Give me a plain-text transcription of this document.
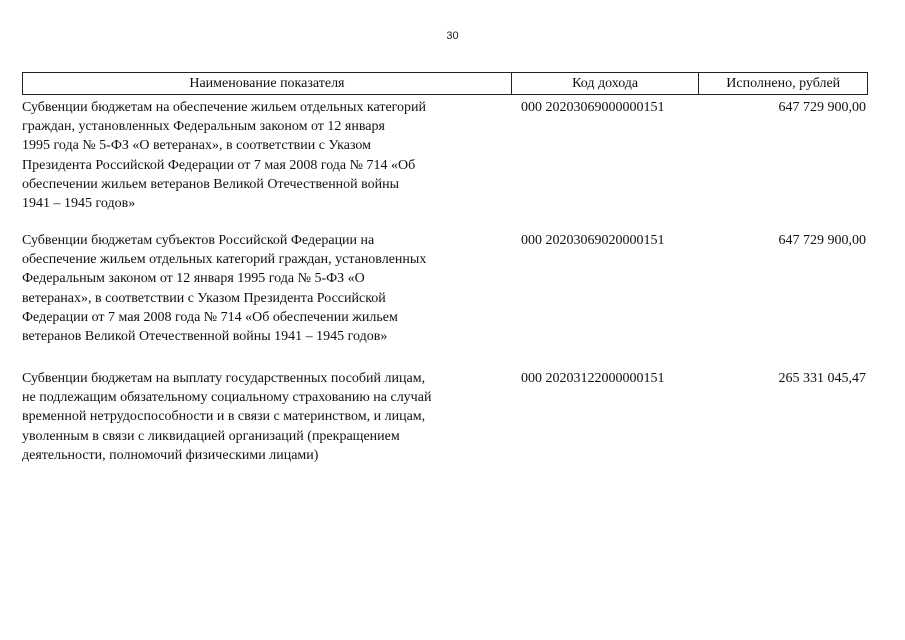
30
Наименование показателя	Код дохода	Исполнено, рублей
Субвенции бюджетам на обеспечение жильем отдельных категорий
граждан, установленных Федеральным законом от 12 января
1995 года № 5-ФЗ «О ветеранах», в соответствии с Указом
Президента Российской Федерации от 7 мая 2008 года № 714 «Об
обеспечении жильем ветеранов Великой Отечественной войны
1941 – 1945 годов»
000 20203069000000151	647 729 900,00
Субвенции бюджетам субъектов Российской Федерации на
обеспечение жильем отдельных категорий граждан, установленных
Федеральным законом от 12 января 1995 года № 5-ФЗ «О
ветеранах», в соответствии с Указом Президента Российской
Федерации от 7 мая 2008 года № 714 «Об обеспечении жильем
ветеранов Великой Отечественной войны 1941 – 1945 годов»
000 20203069020000151	647 729 900,00
Субвенции бюджетам на выплату государственных пособий лицам,
не подлежащим обязательному социальному страхованию на случай
временной нетрудоспособности и в связи с материнством, и лицам,
уволенным в связи с ликвидацией организаций (прекращением
деятельности, полномочий физическими лицами)
000 20203122000000151	265 331 045,47
